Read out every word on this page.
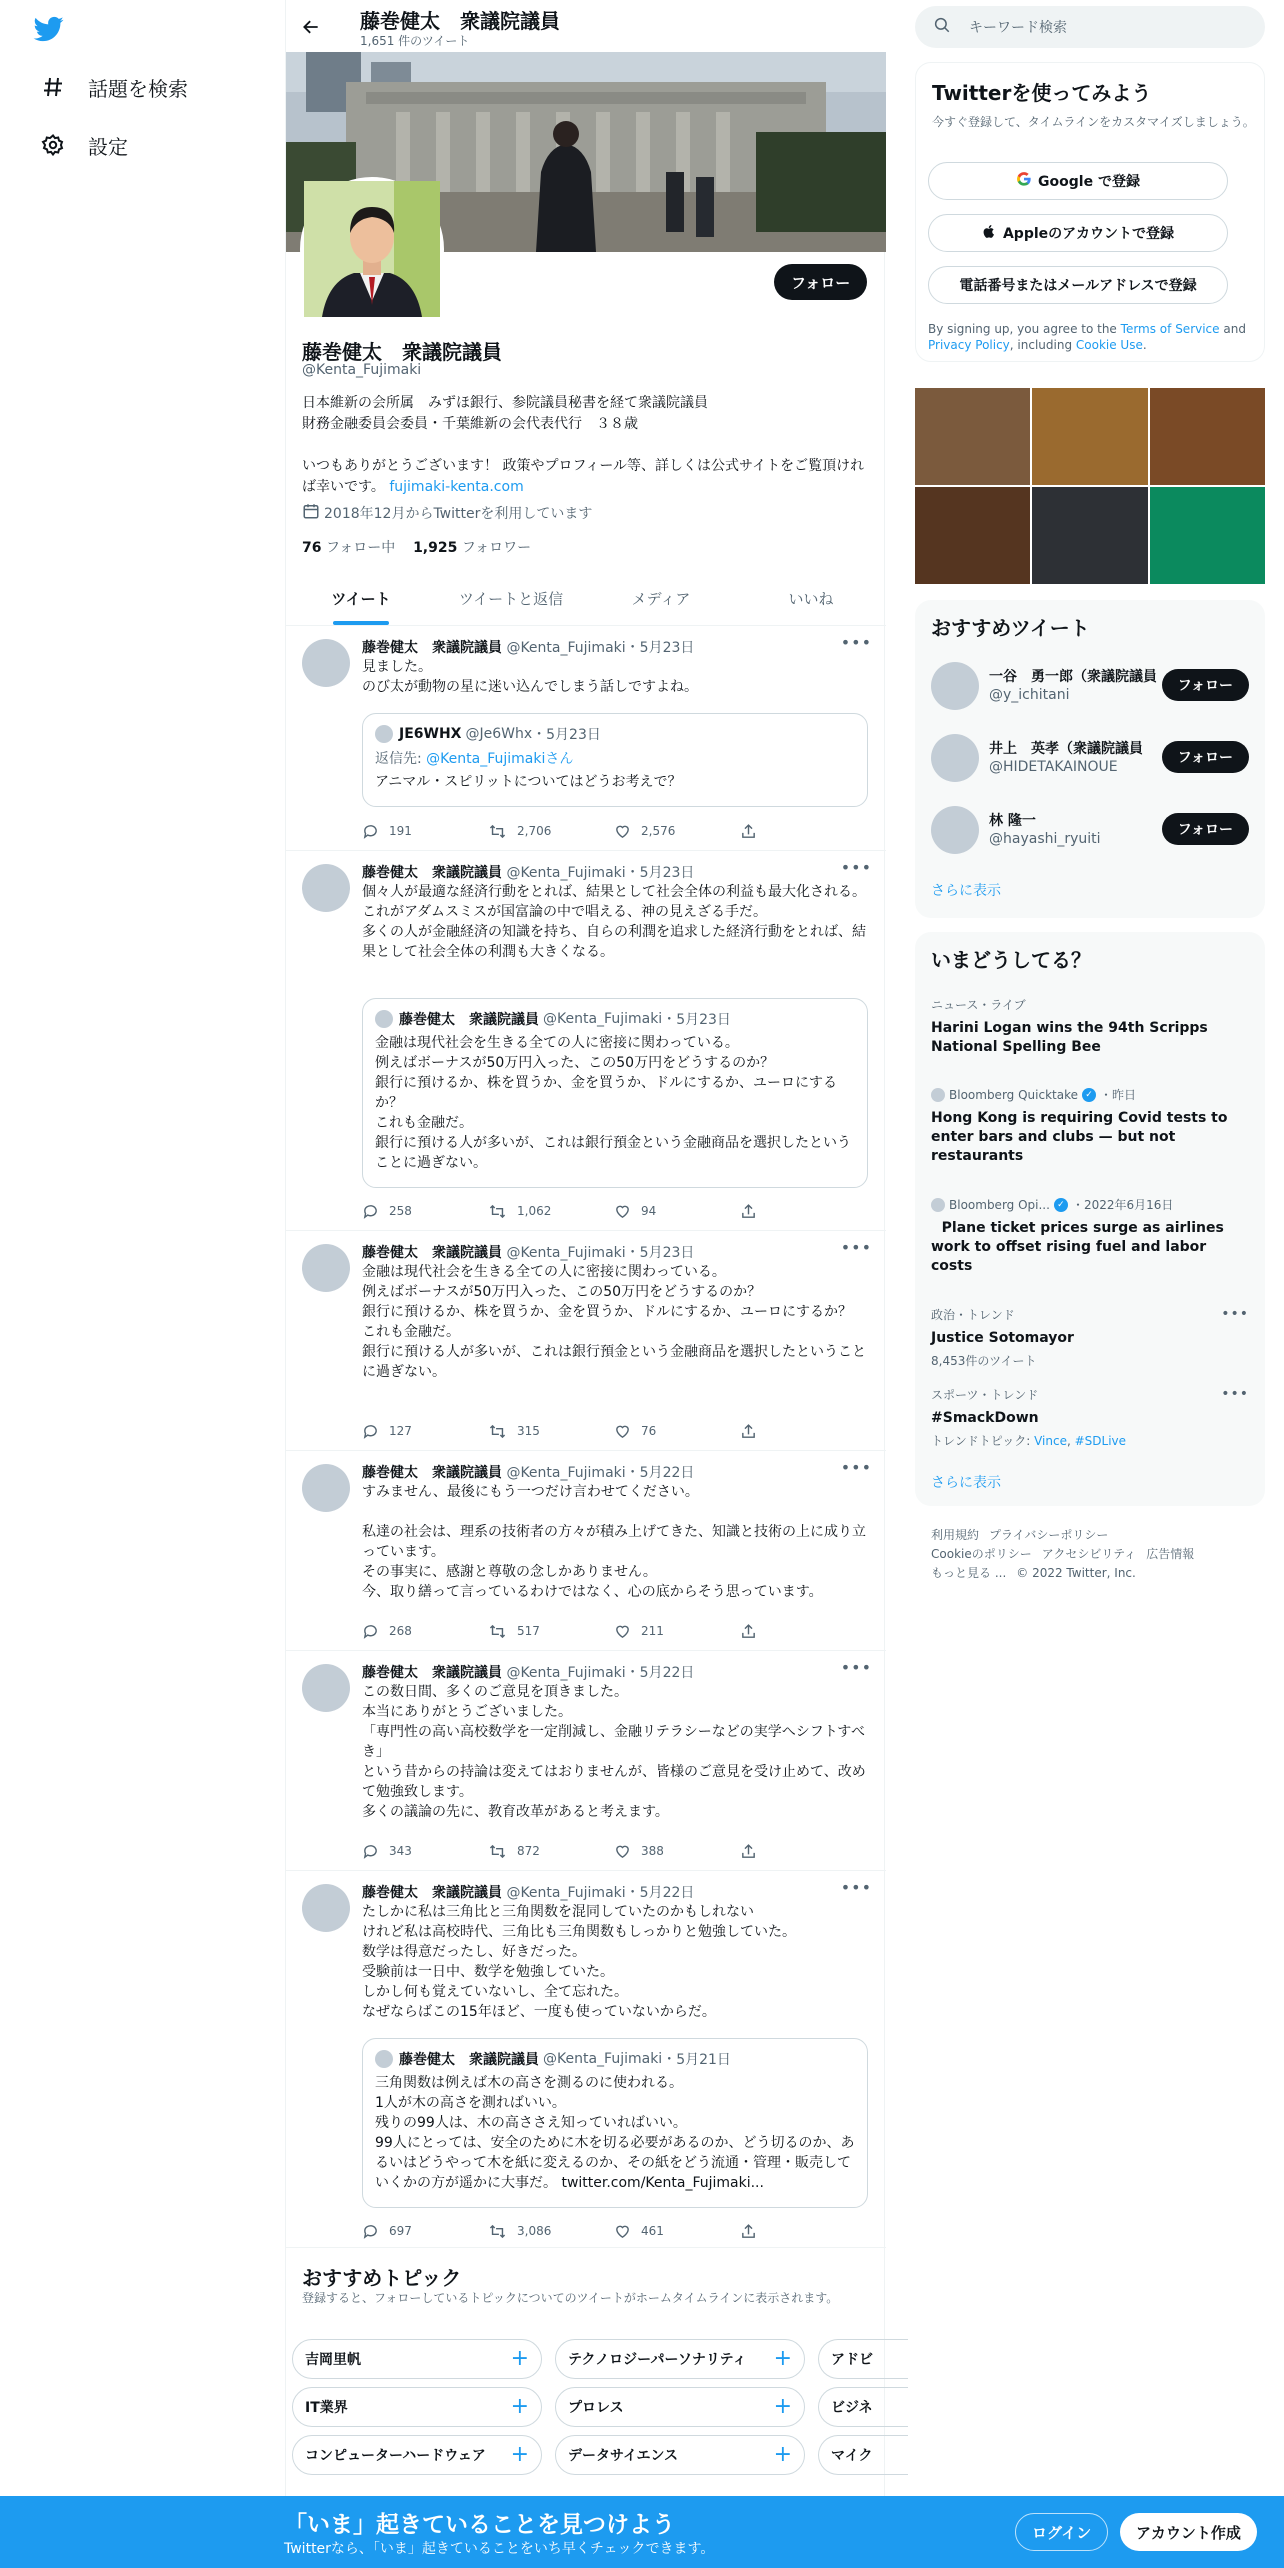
話題を検索
設定
藤巻健太　衆議院議員
1,651 件のツイート
フォロー
藤巻健太　衆議院議員
@Kenta_Fujimaki
日本維新の会所属　みずほ銀行、参院議員秘書を経て衆議院議員
財務金融委員会委員・千葉維新の会代表代行　３８歳

いつもありがとうございます！ 政策やプロフィール等、詳しくは公式サイトをご覧頂ければ幸いです。 fujimaki-kenta.com
2018年12月からTwitterを利用しています
76 フォロー中 1,925 フォロワー
ツイート	ツイートと返信	メディア	いいね
藤巻健太　衆議院議員 @Kenta_Fujimaki・5月23日	•••
見ました。
のび太が動物の星に迷い込んでしまう話しですよね。
JE6WHX @Je6Whx ・ 5月23日
返信先: @Kenta_Fujimakiさん
アニマル・スピリットについてはどうお考えで？
191	2,706	2,576
藤巻健太　衆議院議員 @Kenta_Fujimaki・5月23日	•••
個々人が最適な経済行動をとれば、結果として社会全体の利益も最大化される。
これがアダムスミスが国富論の中で唱える、神の見えざる手だ。
多くの人が金融経済の知識を持ち、自らの利潤を追求した経済行動をとれば、結果として社会全体の利潤も大きくなる。
藤巻健太　衆議院議員 @Kenta_Fujimaki ・ 5月23日
金融は現代社会を生きる全ての人に密接に関わっている。
例えばボーナスが50万円入った、この50万円をどうするのか？
銀行に預けるか、株を買うか、金を買うか、ドルにするか、ユーロにするか？
これも金融だ。
銀行に預ける人が多いが、これは銀行預金という金融商品を選択したということに過ぎない。
258	1,062	94
藤巻健太　衆議院議員 @Kenta_Fujimaki・5月23日	•••
金融は現代社会を生きる全ての人に密接に関わっている。
例えばボーナスが50万円入った、この50万円をどうするのか？
銀行に預けるか、株を買うか、金を買うか、ドルにするか、ユーロにするか？
これも金融だ。
銀行に預ける人が多いが、これは銀行預金という金融商品を選択したということに過ぎない。
127	315	76
藤巻健太　衆議院議員 @Kenta_Fujimaki・5月22日	•••
すみません、最後にもう一つだけ言わせてください。

私達の社会は、理系の技術者の方々が積み上げてきた、知識と技術の上に成り立っています。
その事実に、感謝と尊敬の念しかありません。
今、取り繕って言っているわけではなく、心の底からそう思っています。
268	517	211
藤巻健太　衆議院議員 @Kenta_Fujimaki・5月22日	•••
この数日間、多くのご意見を頂きました。
本当にありがとうございました。
「専門性の高い高校数学を一定削減し、金融リテラシーなどの実学へシフトすべき」
という昔からの持論は変えてはおりませんが、皆様のご意見を受け止めて、改めて勉強致します。
多くの議論の先に、教育改革があると考えます。
343	872	388
藤巻健太　衆議院議員 @Kenta_Fujimaki・5月22日	•••
たしかに私は三角比と三角関数を混同していたのかもしれない
けれど私は高校時代、三角比も三角関数もしっかりと勉強していた。
数学は得意だったし、好きだった。
受験前は一日中、数学を勉強していた。
しかし何も覚えていないし、全て忘れた。
なぜならばこの15年ほど、一度も使っていないからだ。
藤巻健太　衆議院議員 @Kenta_Fujimaki ・ 5月21日
三角関数は例えば木の高さを測るのに使われる。
1人が木の高さを測ればいい。
残りの99人は、木の高ささえ知っていればいい。
99人にとっては、安全のために木を切る必要があるのか、どう切るのか、あるいはどうやって木を紙に変えるのか、その紙をどう流通・管理・販売していくかの方が遥かに大事だ。 twitter.com/Kenta_Fujimaki...
697	3,086	461
おすすめトピック
登録すると、フォローしているトピックについてのツイートがホームタイムラインに表示されます。
吉岡里帆	+	テクノロジーパーソナリティ +	アドビ
IT業界	+	プロレス	+	ビジネ
コンピューターハードウェア +	データサイエンス	+	マイク
キーワード検索
Twitterを使ってみよう
今すぐ登録して、タイムラインをカスタマイズしましょう。
Google で登録
Appleのアカウントで登録
電話番号またはメールアドレスで登録
By signing up, you agree to the Terms of Service and Privacy Policy, including Cookie Use.
おすすめツイート
一谷　勇一郎（衆議院議員
@y_ichitani
フォロー
井上　英孝（衆議院議員
@HIDETAKAINOUE
フォロー
林 隆一
@hayashi_ryuiti
フォロー
さらに表示
いまどうしてる？
ニュース・ライブ
Harini Logan wins the 94th Scripps National Spelling Bee
Bloomberg Quicktake ✓ ・昨日
Hong Kong is requiring Covid tests to enter bars and clubs — but not restaurants
Bloomberg Opi... ✓ ・2022年6月16日
  Plane ticket prices surge as airlines work to offset rising fuel and labor costs
政治・トレンド
Justice Sotomayor
8,453件のツイート
•••
スポーツ・トレンド
#SmackDown
トレンドトピック: Vince, #SDLive
•••
さらに表示
利用規約 プライバシーポリシー
Cookieのポリシー アクセシビリティ 広告情報
もっと見る ... © 2022 Twitter, Inc.
「いま」起きていることを見つけよう
Twitterなら、「いま」起きていることをいち早くチェックできます。
ログイン	アカウント作成
